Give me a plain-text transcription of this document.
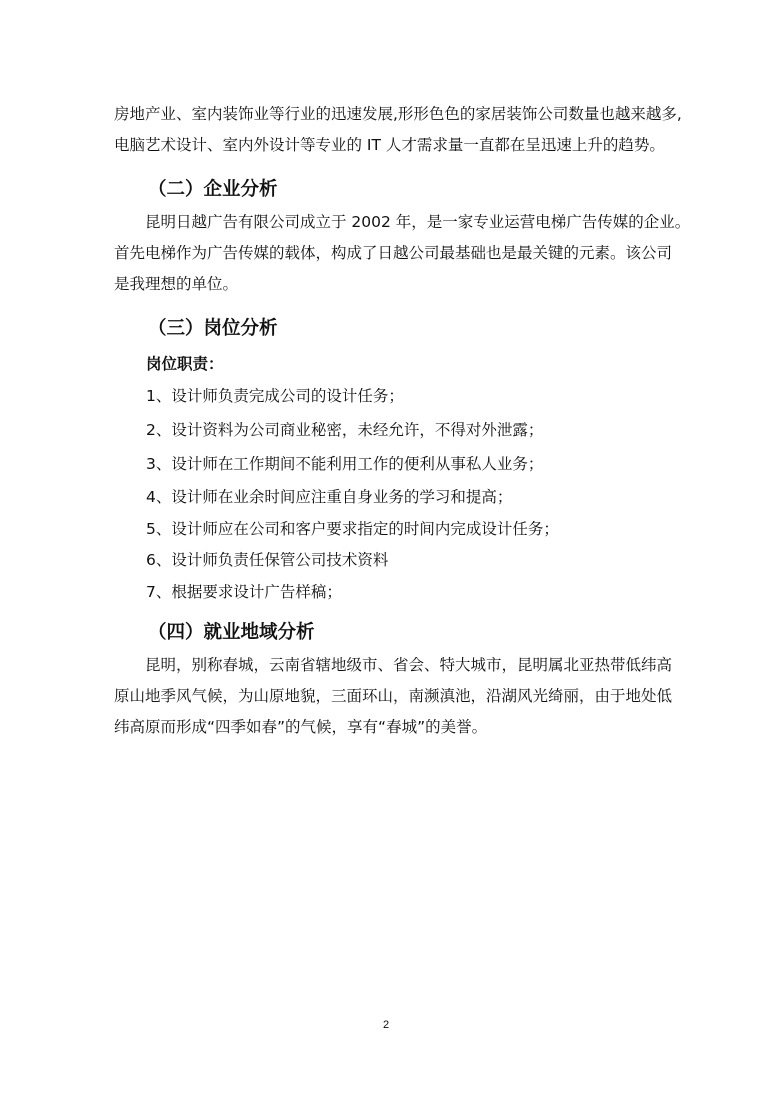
房地产业、室内装饰业等行业的迅速发展,形形色色的家居装饰公司数量也越来越多,
电脑艺术设计、室内外设计等专业的 IT 人才需求量一直都在呈迅速上升的趋势。
（二）企业分析
　　昆明日越广告有限公司成立于 2002 年，是一家专业运营电梯广告传媒的企业。
首先电梯作为广告传媒的载体，构成了日越公司最基础也是最关键的元素。该公司
是我理想的单位。
（三）岗位分析
岗位职责：
1、设计师负责完成公司的设计任务；
2、设计资料为公司商业秘密，未经允许，不得对外泄露；
3、设计师在工作期间不能利用工作的便利从事私人业务；
4、设计师在业余时间应注重自身业务的学习和提高；
5、设计师应在公司和客户要求指定的时间内完成设计任务；
6、设计师负责任保管公司技术资料
7、根据要求设计广告样稿；
（四）就业地域分析
　　昆明，别称春城，云南省辖地级市、省会、特大城市，昆明属北亚热带低纬高
原山地季风气候，为山原地貌，三面环山，南濒滇池，沿湖风光绮丽，由于地处低
纬高原而形成“四季如春”的气候，享有“春城”的美誉。
2
